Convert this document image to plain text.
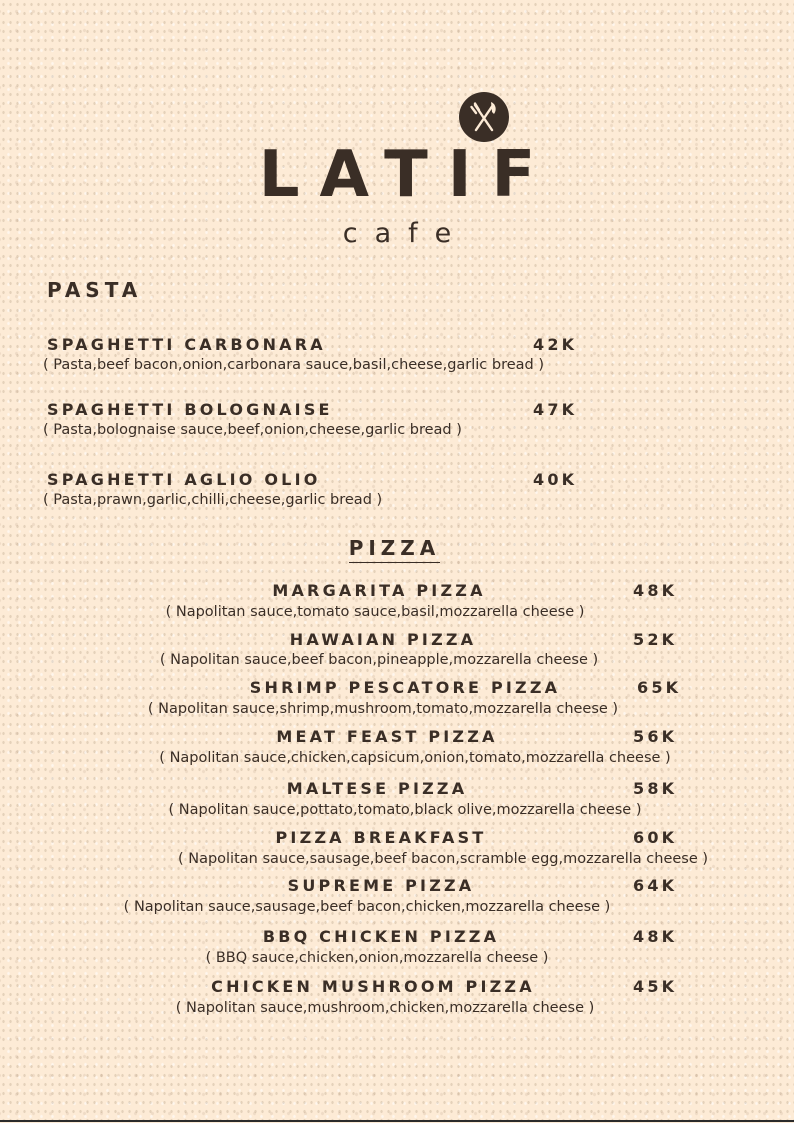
LATIF
cafe
PASTA
SPAGHETTI CARBONARA	42K
( Pasta,beef bacon,onion,carbonara sauce,basil,cheese,garlic bread )
SPAGHETTI BOLOGNAISE	47K
( Pasta,bolognaise sauce,beef,onion,cheese,garlic bread )
SPAGHETTI AGLIO OLIO	40K
( Pasta,prawn,garlic,chilli,cheese,garlic bread )
PIZZA
MARGARITA PIZZA	48K
( Napolitan sauce,tomato sauce,basil,mozzarella cheese )
HAWAIAN PIZZA	52K
( Napolitan sauce,beef bacon,pineapple,mozzarella cheese )
SHRIMP PESCATORE PIZZA	65K
( Napolitan sauce,shrimp,mushroom,tomato,mozzarella cheese )
MEAT FEAST PIZZA	56K
( Napolitan sauce,chicken,capsicum,onion,tomato,mozzarella cheese )
MALTESE PIZZA	58K
( Napolitan sauce,pottato,tomato,black olive,mozzarella cheese )
PIZZA BREAKFAST	60K
( Napolitan sauce,sausage,beef bacon,scramble egg,mozzarella cheese )
SUPREME PIZZA	64K
( Napolitan sauce,sausage,beef bacon,chicken,mozzarella cheese )
BBQ CHICKEN PIZZA	48K
( BBQ sauce,chicken,onion,mozzarella cheese )
CHICKEN MUSHROOM PIZZA	45K
( Napolitan sauce,mushroom,chicken,mozzarella cheese )
